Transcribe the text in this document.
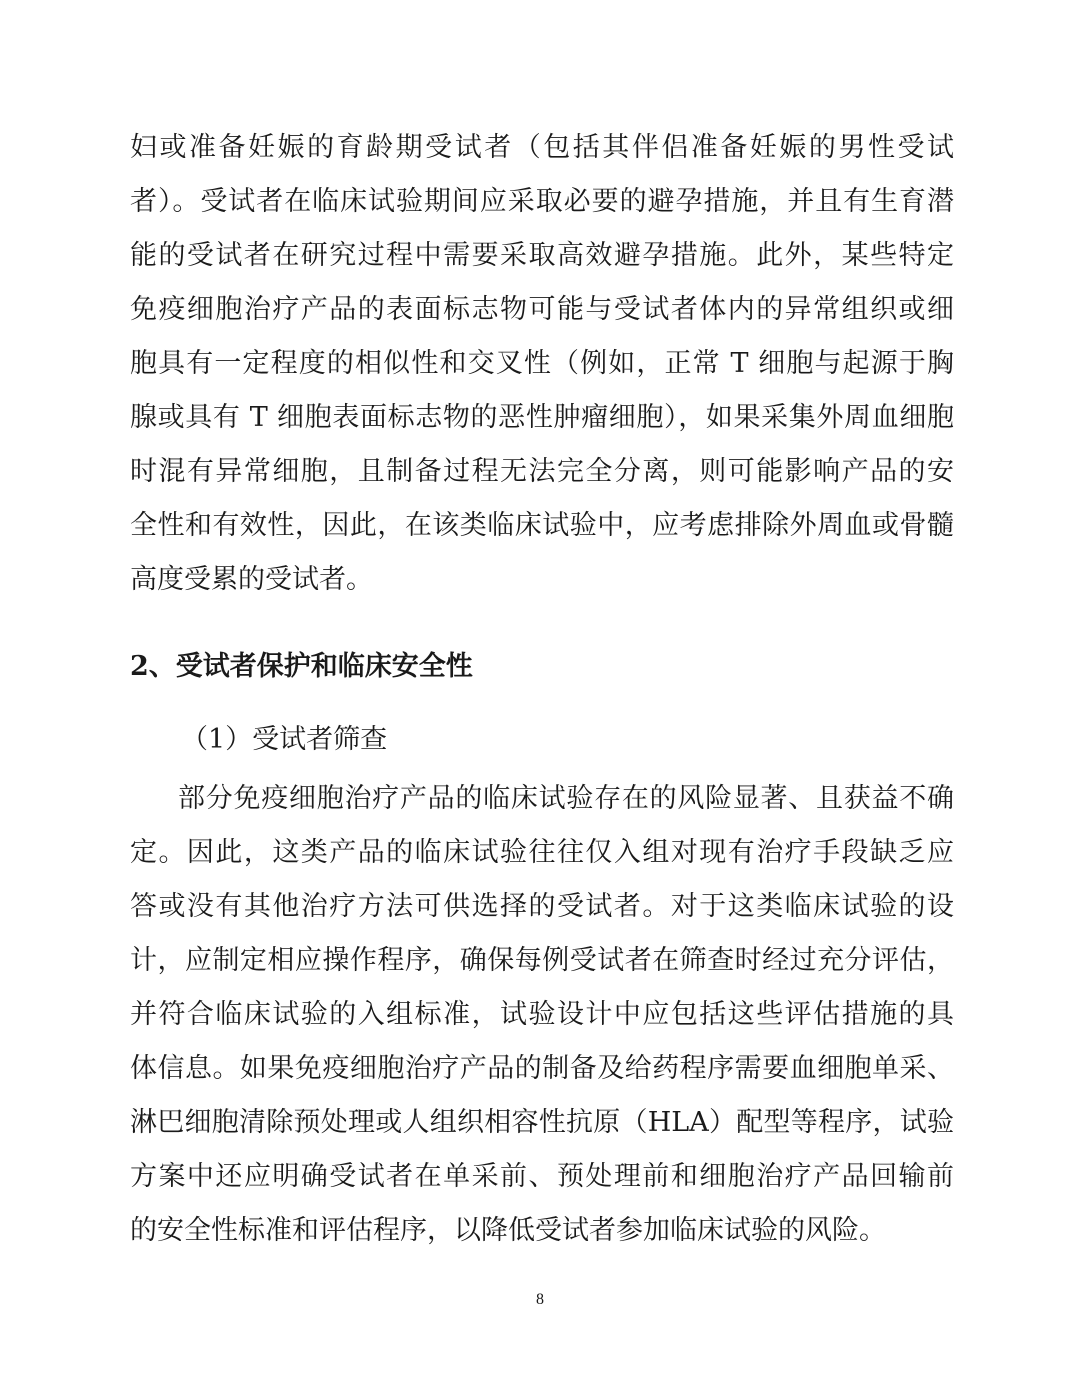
妇或准备妊娠的育龄期受试者（包括其伴侣准备妊娠的男性受试
者）。受试者在临床试验期间应采取必要的避孕措施，并且有生育潜
能的受试者在研究过程中需要采取高效避孕措施。此外，某些特定
免疫细胞治疗产品的表面标志物可能与受试者体内的异常组织或细
胞具有一定程度的相似性和交叉性（例如，正常 T 细胞与起源于胸
腺或具有 T 细胞表面标志物的恶性肿瘤细胞），如果采集外周血细胞
时混有异常细胞，且制备过程无法完全分离，则可能影响产品的安
全性和有效性，因此，在该类临床试验中，应考虑排除外周血或骨髓
高度受累的受试者。
2、受试者保护和临床安全性
（1）受试者筛查
部分免疫细胞治疗产品的临床试验存在的风险显著、且获益不确
定。因此，这类产品的临床试验往往仅入组对现有治疗手段缺乏应
答或没有其他治疗方法可供选择的受试者。对于这类临床试验的设
计，应制定相应操作程序，确保每例受试者在筛查时经过充分评估，
并符合临床试验的入组标准，试验设计中应包括这些评估措施的具
体信息。如果免疫细胞治疗产品的制备及给药程序需要血细胞单采、
淋巴细胞清除预处理或人组织相容性抗原（HLA）配型等程序，试验
方案中还应明确受试者在单采前、预处理前和细胞治疗产品回输前
的安全性标准和评估程序，以降低受试者参加临床试验的风险。
8
